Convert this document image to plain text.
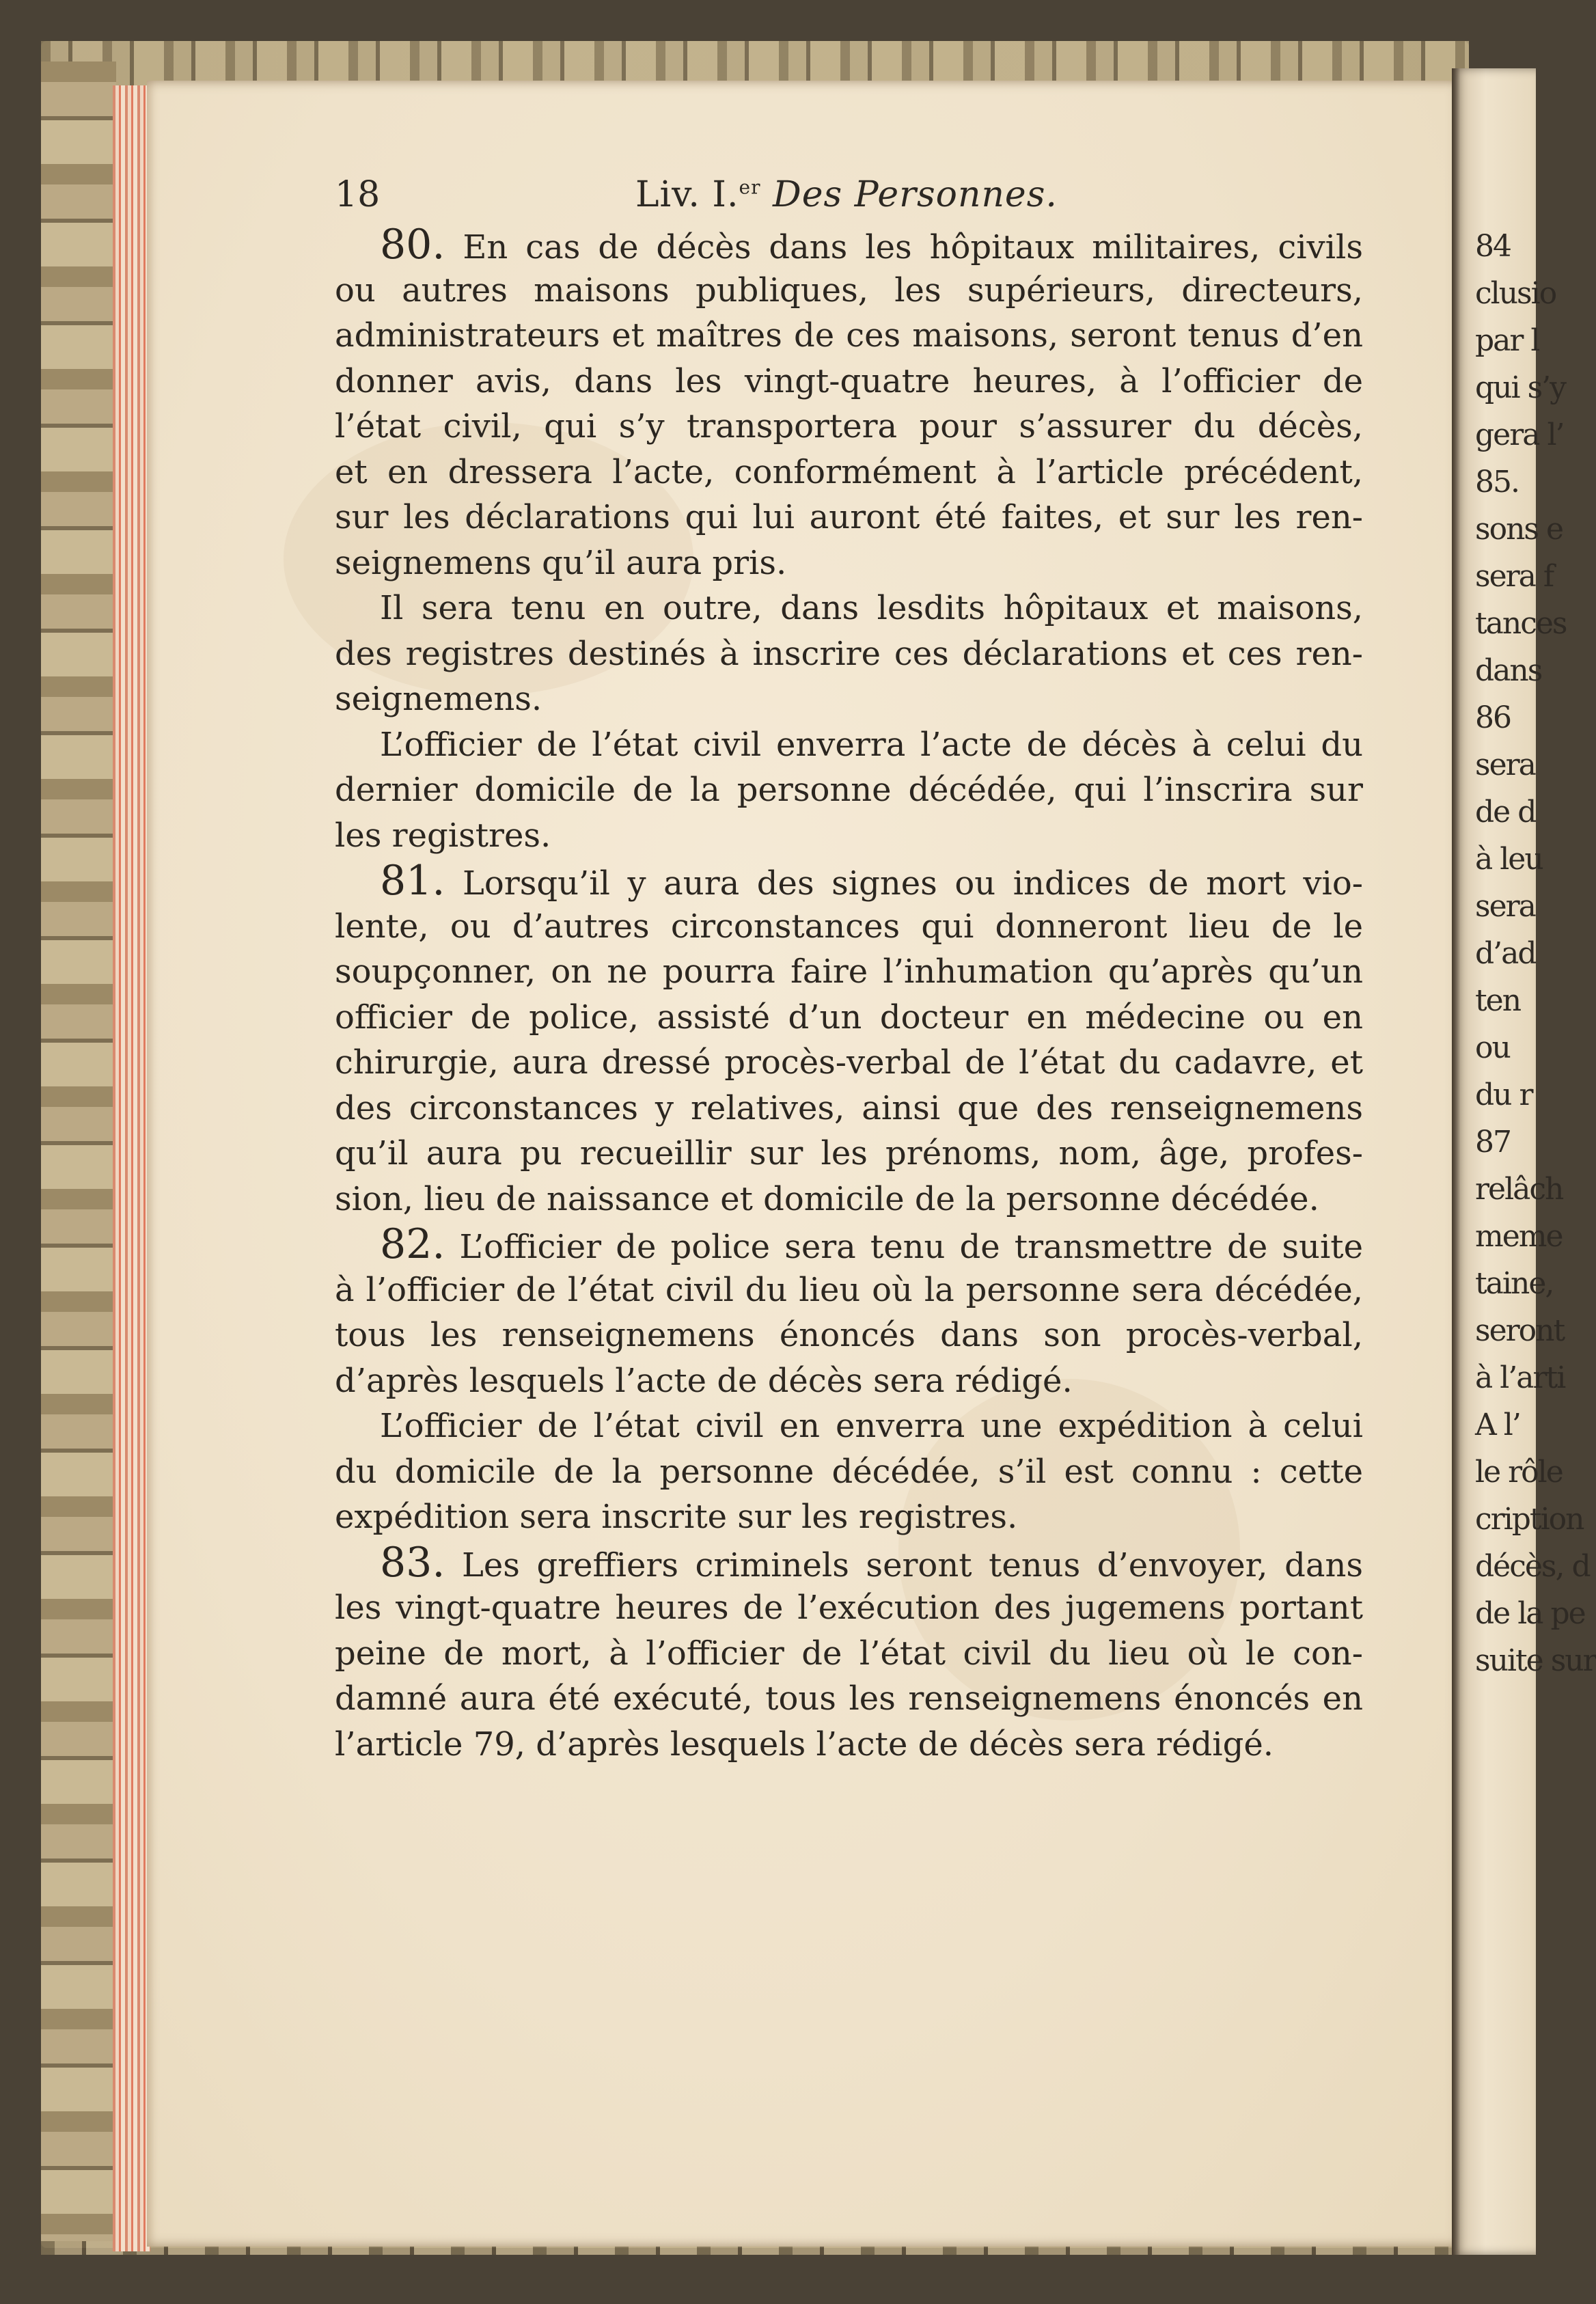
84
clusio
par l
qui s’y
gera l’
85.
sons e
sera f
tances
dans
86
sera
de d
à leu
sera
d’ad
ten
ou
du r
87
relâch
meme
taine,
seront
à l’arti
A l’
le rôle
cription
décès, d
de la pe
suite sur
18	Liv. I.$^{er}$ Des Personnes.
80. En cas de décès dans les hôpitaux militaires, civils
ou autres maisons publiques, les supérieurs, directeurs,
administrateurs et maîtres de ces maisons, seront tenus d’en
donner avis, dans les vingt-quatre heures, à l’officier de
l’état civil, qui s’y transportera pour s’assurer du décès,
et en dressera l’acte, conformément à l’article précédent,
sur les déclarations qui lui auront été faites, et sur les ren-
seignemens qu’il aura pris.
Il sera tenu en outre, dans lesdits hôpitaux et maisons,
des registres destinés à inscrire ces déclarations et ces ren-
seignemens.
L’officier de l’état civil enverra l’acte de décès à celui du
dernier domicile de la personne décédée, qui l’inscrira sur
les registres.
81. Lorsqu’il y aura des signes ou indices de mort vio-
lente, ou d’autres circonstances qui donneront lieu de le
soupçonner, on ne pourra faire l’inhumation qu’après qu’un
officier de police, assisté d’un docteur en médecine ou en
chirurgie, aura dressé procès-verbal de l’état du cadavre, et
des circonstances y relatives, ainsi que des renseignemens
qu’il aura pu recueillir sur les prénoms, nom, âge, profes-
sion, lieu de naissance et domicile de la personne décédée.
82. L’officier de police sera tenu de transmettre de suite
à l’officier de l’état civil du lieu où la personne sera décédée,
tous les renseignemens énoncés dans son procès-verbal,
d’après lesquels l’acte de décès sera rédigé.
L’officier de l’état civil en enverra une expédition à celui
du domicile de la personne décédée, s’il est connu : cette
expédition sera inscrite sur les registres.
83. Les greffiers criminels seront tenus d’envoyer, dans
les vingt-quatre heures de l’exécution des jugemens portant
peine de mort, à l’officier de l’état civil du lieu où le con-
damné aura été exécuté, tous les renseignemens énoncés en
l’article 79, d’après lesquels l’acte de décès sera rédigé.
